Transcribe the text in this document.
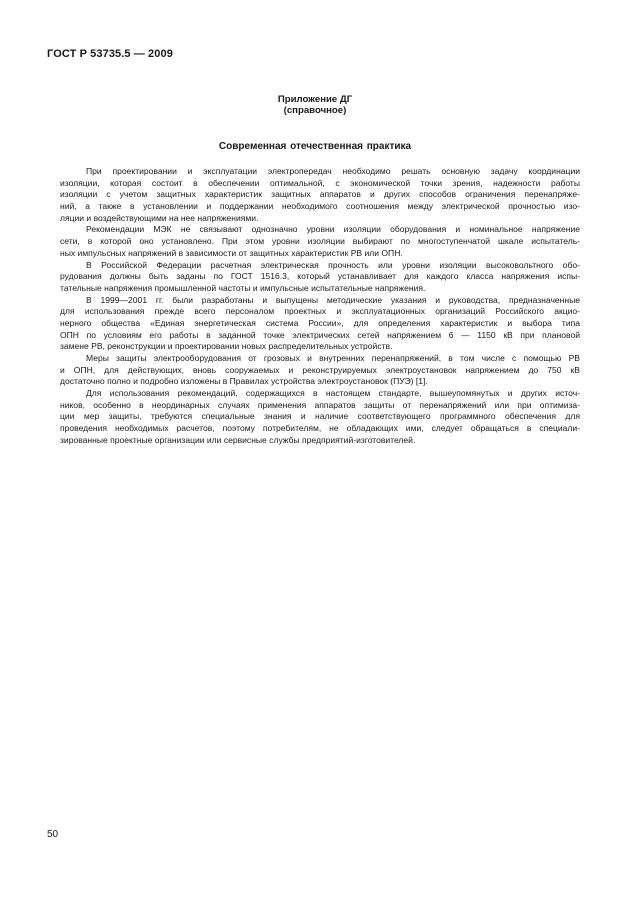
ГОСТ Р 53735.5 — 2009
Приложение ДГ
(справочное)
Современная отечественная практика
При проектировании и эксплуатации электропередач необходимо решать основную задачу координации
изоляции, которая состоит в обеспечении оптимальной, с экономической точки зрения, надежности работы
изоляции с учетом защитных характеристик защитных аппаратов и других способов ограничения перенапряже-
ний, а также в установлении и поддержании необходимого соотношения между электрической прочностью изо-
ляции и воздействующими на нее напряжениями.
Рекомендации МЭК не связывают однозначно уровни изоляции оборудования и номинальное напряжение
сети, в которой оно установлено. При этом уровни изоляции выбирают по многоступенчатой шкале испытатель-
ных импульсных напряжений в зависимости от защитных характеристик РВ или ОПН.
В Российской Федерации расчетная электрическая прочность или уровни изоляции высоковольтного обо-
рудования должны быть заданы по ГОСТ 1516.3, который устанавливает для каждого класса напряжения испы-
тательные напряжения промышленной частоты и импульсные испытательные напряжения.
В 1999—2001 гг. были разработаны и выпущены методические указания и руководства, предназначенные
для использования прежде всего персоналом проектных и эксплуатационных организаций Российского акцио-
нерного общества «Единая энергетическая система России», для определения характеристик и выбора типа
ОПН по условиям его работы в заданной точке электрических сетей напряжением 6 — 1150 кВ при плановой
замене РВ, реконструкции и проектировании новых распределительных устройств.
Меры защиты электрооборудования от грозовых и внутренних перенапряжений, в том числе с помощью РВ
и ОПН, для действующих, вновь сооружаемых и реконструируемых электроустановок напряжением до 750 кВ
достаточно полно и подробно изложены в Правилах устройства электроустановок (ПУЭ) [1].
Для использования рекомендаций, содержащихся в настоящем стандарте, вышеупомянутых и других источ-
ников, особенно в неординарных случаях применения аппаратов защиты от перенапряжений или при оптимиза-
ции мер защиты, требуются специальные знания и наличие соответствующего программного обеспечения для
проведения необходимых расчетов, поэтому потребителям, не обладающих ими, следует обращаться в специали-
зированные проектные организации или сервисные службы предприятий-изготовителей.
50
